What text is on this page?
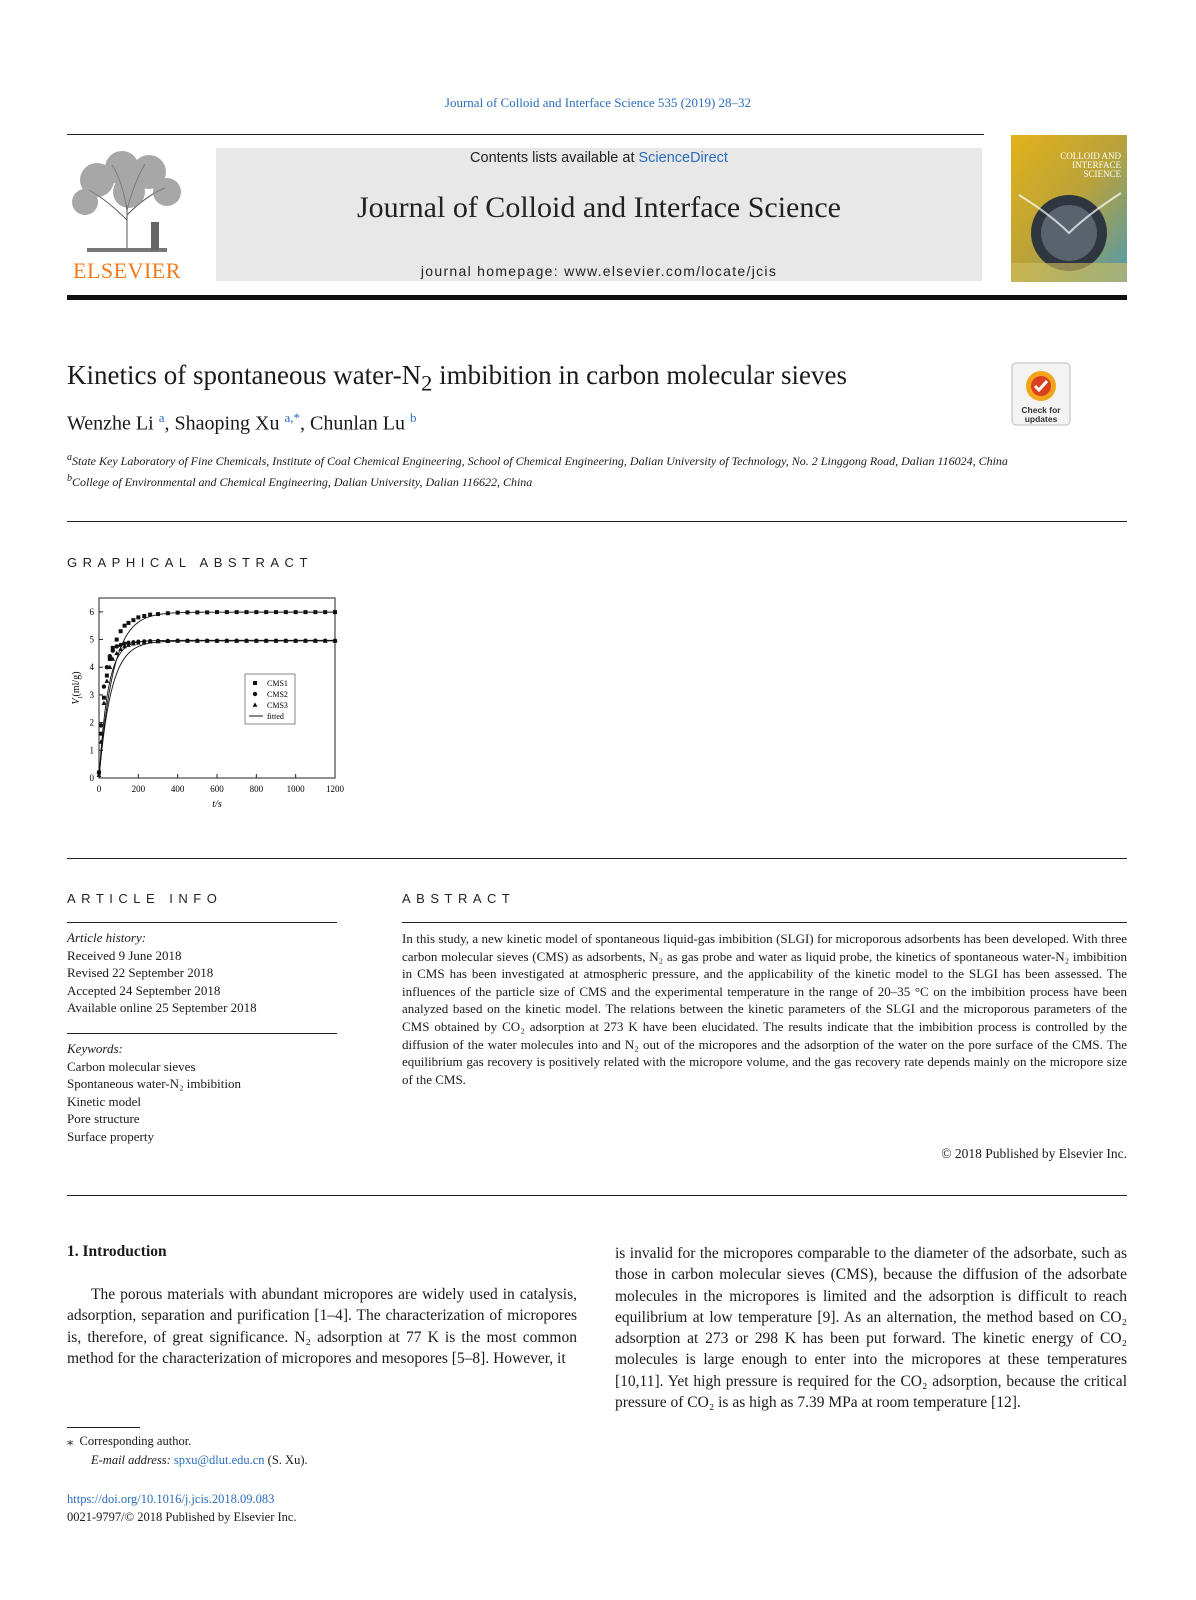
Journal of Colloid and Interface Science 535 (2019) 28–32
ELSEVIER
Contents lists available at ScienceDirect
Journal of Colloid and Interface Science
journal homepage: www.elsevier.com/locate/jcis
COLLOID AND
INTERFACE
SCIENCE
Kinetics of spontaneous water-$N_2$ imbibition in carbon molecular sieves
Check for updates
Wenzhe Li $^a$, Shaoping Xu $^{a,*}$, Chunlan Lu $^b$
$^a$State Key Laboratory of Fine Chemicals, Institute of Coal Chemical Engineering, School of Chemical Engineering, Dalian University of Technology, No. 2 Linggong Road, Dalian 116024, China
$^b$College of Environmental and Chemical Engineering, Dalian University, Dalian 116622, China
GRAPHICAL ABSTRACT
0	200	400	600	800	1000 1200
0
1
2
3
4
5
6
t/s
$V_t(ml/g)$	CMS1
CMS2
CMS3
fitted
ARTICLE INFO
Article history:
Received 9 June 2018
Revised 22 September 2018
Accepted 24 September 2018
Available online 25 September 2018
Keywords:
Carbon molecular sieves
Spontaneous water-N₂ imbibition
Kinetic model
Pore structure
Surface property
ABSTRACT
In this study, a new kinetic model of spontaneous liquid-gas imbibition (SLGI) for microporous adsorbents has been developed. With three carbon molecular sieves (CMS) as adsorbents, N₂ as gas probe and water as liquid probe, the kinetics of spontaneous water-N₂ imbibition in CMS has been investigated at atmospheric pressure, and the applicability of the kinetic model to the SLGI has been assessed. The influences of the particle size of CMS and the experimental temperature in the range of 20–35 °C on the imbibition process have been analyzed based on the kinetic model. The relations between the kinetic parameters of the SLGI and the microporous parameters of the CMS obtained by CO₂ adsorption at 273 K have been elucidated. The results indicate that the imbibition process is controlled by the diffusion of the water molecules into and N₂ out of the micropores and the adsorption of the water on the pore surface of the CMS. The equilibrium gas recovery is positively related with the micropore volume, and the gas recovery rate depends mainly on the micropore size of the CMS.
© 2018 Published by Elsevier Inc.
1. Introduction
The porous materials with abundant micropores are widely used in catalysis, adsorption, separation and purification [1–4]. The characterization of micropores is, therefore, of great significance. N₂ adsorption at 77 K is the most common method for the characterization of micropores and mesopores [5–8]. However, it
is invalid for the micropores comparable to the diameter of the adsorbate, such as those in carbon molecular sieves (CMS), because the diffusion of the adsorbate molecules in the micropores is limited and the adsorption is difficult to reach equilibrium at low temperature [9]. As an alternation, the method based on CO₂ adsorption at 273 or 298 K has been put forward. The kinetic energy of CO₂ molecules is large enough to enter into the micropores at these temperatures [10,11]. Yet high pressure is required for the CO₂ adsorption, because the critical pressure of CO₂ is as high as 7.39 MPa at room temperature [12].
⁎ Corresponding author.
E-mail address: spxu@dlut.edu.cn (S. Xu).
https://doi.org/10.1016/j.jcis.2018.09.083
0021-9797/© 2018 Published by Elsevier Inc.
